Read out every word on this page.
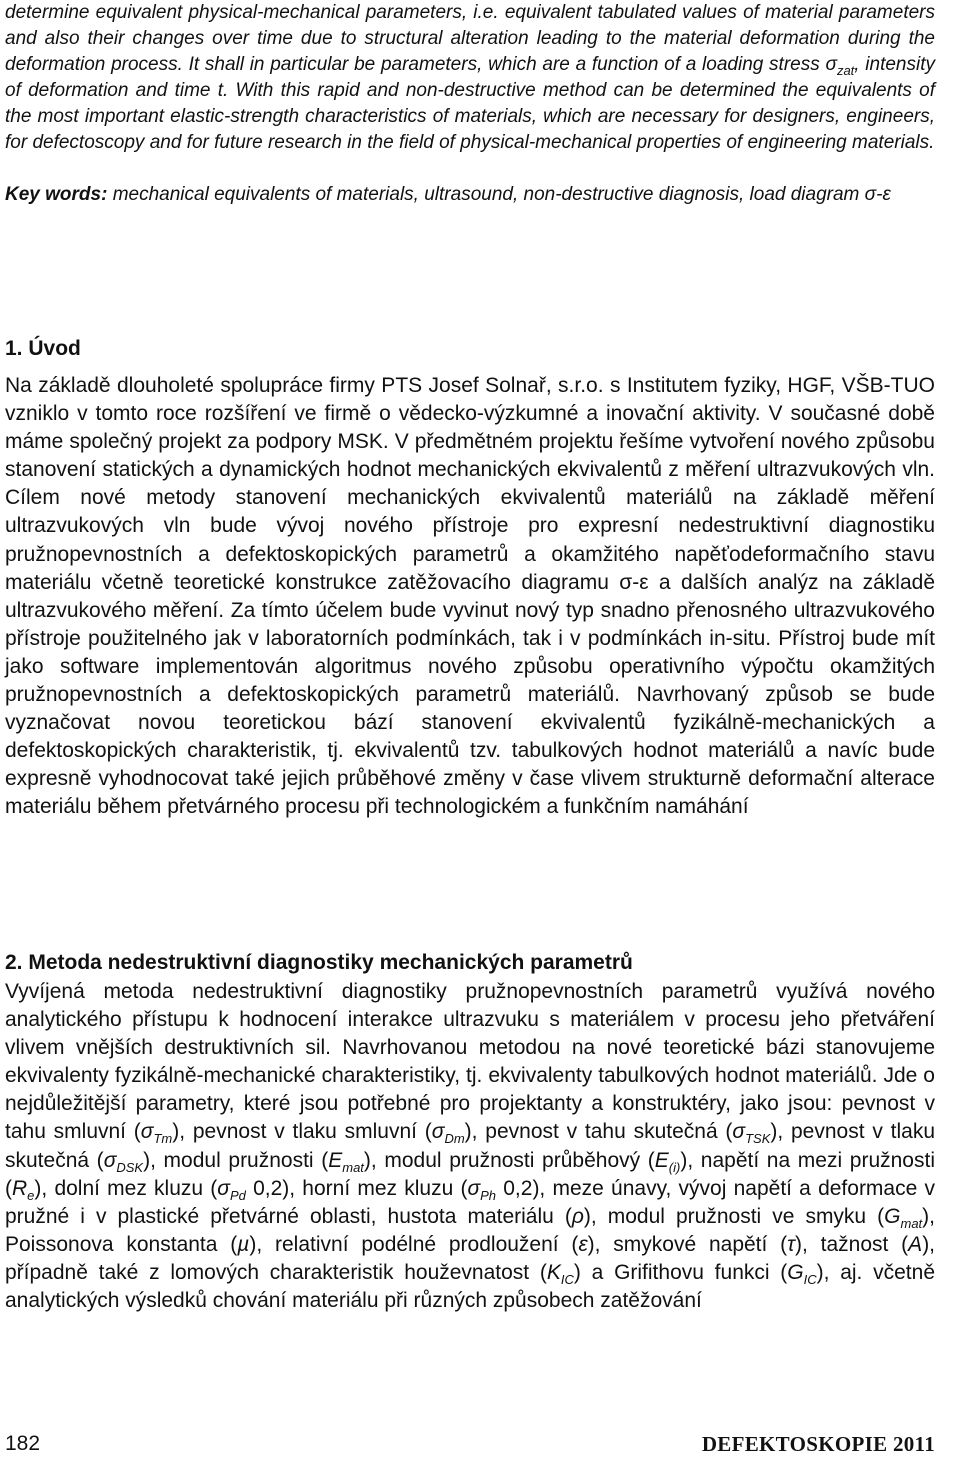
determine equivalent physical-mechanical parameters, i.e. equivalent tabulated values of material parameters and also their changes over time due to structural alteration leading to the material deformation during the deformation process. It shall in particular be parameters, which are a function of a loading stress $\sigma_{zat}$, intensity of deformation and time t. With this rapid and non-destructive method can be determined the equivalents of the most important elastic-strength characteristics of materials, which are necessary for designers, engineers, for defectoscopy and for future research in the field of physical-mechanical properties of engineering materials.

Key words: mechanical equivalents of materials, ultrasound, non-destructive diagnosis, load diagram σ-ε

1. Úvod

Na základě dlouholeté spolupráce firmy PTS Josef Solnař, s.r.o. s Institutem fyziky, HGF, VŠB-TUO vzniklo v tomto roce rozšíření ve firmě o vědecko-výzkumné a inovační aktivity. V současné době máme společný projekt za podpory MSK. V předmětném projektu řešíme vytvoření nového způsobu stanovení statických a dynamických hodnot mechanických ekvivalentů z měření ultrazvukových vln. Cílem nové metody stanovení mechanických ekvivalentů materiálů na základě měření ultrazvukových vln bude vývoj nového přístroje pro expresní nedestruktivní diagnostiku pružnopevnostních a defektoskopických parametrů a okamžitého napěťodeformačního stavu materiálu včetně teoretické konstrukce zatěžovacího diagramu σ-ε a dalších analýz na základě ultrazvukového měření. Za tímto účelem bude vyvinut nový typ snadno přenosného ultrazvukového přístroje použitelného jak v laboratorních podmínkách, tak i v podmínkách in-situ. Přístroj bude mít jako software implementován algoritmus nového způsobu operativního výpočtu okamžitých pružnopevnostních a defektoskopických parametrů materiálů. Navrhovaný způsob se bude vyznačovat novou teoretickou bází stanovení ekvivalentů fyzikálně-mechanických a defektoskopických charakteristik, tj. ekvivalentů tzv. tabulkových hodnot materiálů a navíc bude expresně vyhodnocovat také jejich průběhové změny v čase vlivem strukturně deformační alterace materiálu během přetvárného procesu při technologickém a funkčním namáhání

2. Metoda nedestruktivní diagnostiky mechanických parametrů

Vyvíjená metoda nedestruktivní diagnostiky pružnopevnostních parametrů využívá nového analytického přístupu k hodnocení interakce ultrazvuku s materiálem v procesu jeho přetváření vlivem vnějších destruktivních sil. Navrhovanou metodou na nové teoretické bázi stanovujeme ekvivalenty fyzikálně-mechanické charakteristiky, tj. ekvivalenty tabulkových hodnot materiálů. Jde o nejdůležitější parametry, které jsou potřebné pro projektanty a konstruktéry, jako jsou: pevnost v tahu smluvní $(\sigma_{Tm})$, pevnost v tlaku smluvní $(\sigma_{Dm})$, pevnost v tahu skutečná $(\sigma_{TSK})$, pevnost v tlaku skutečná $(\sigma_{DSK})$, modul pružnosti $(E_{mat})$, modul pružnosti průběhový $(E_{(i)})$, napětí na mezi pružnosti $(R_e)$, dolní mez kluzu ($\sigma_{Pd}$ 0,2), horní mez kluzu ($\sigma_{Ph}$ 0,2), meze únavy, vývoj napětí a deformace v pružné i v plastické přetvárné oblasti, hustota materiálu (ρ), modul pružnosti ve smyku $(G_{mat})$, Poissonova konstanta (µ), relativní podélné prodloužení (ε), smykové napětí (τ), tažnost (A), případně také z lomových charakteristik houževnatost $(K_{IC})$ a Grifithovu funkci $(G_{IC})$, aj. včetně analytických výsledků chování materiálu při různých způsobech zatěžování

182	DEFEKTOSKOPIE 2011
